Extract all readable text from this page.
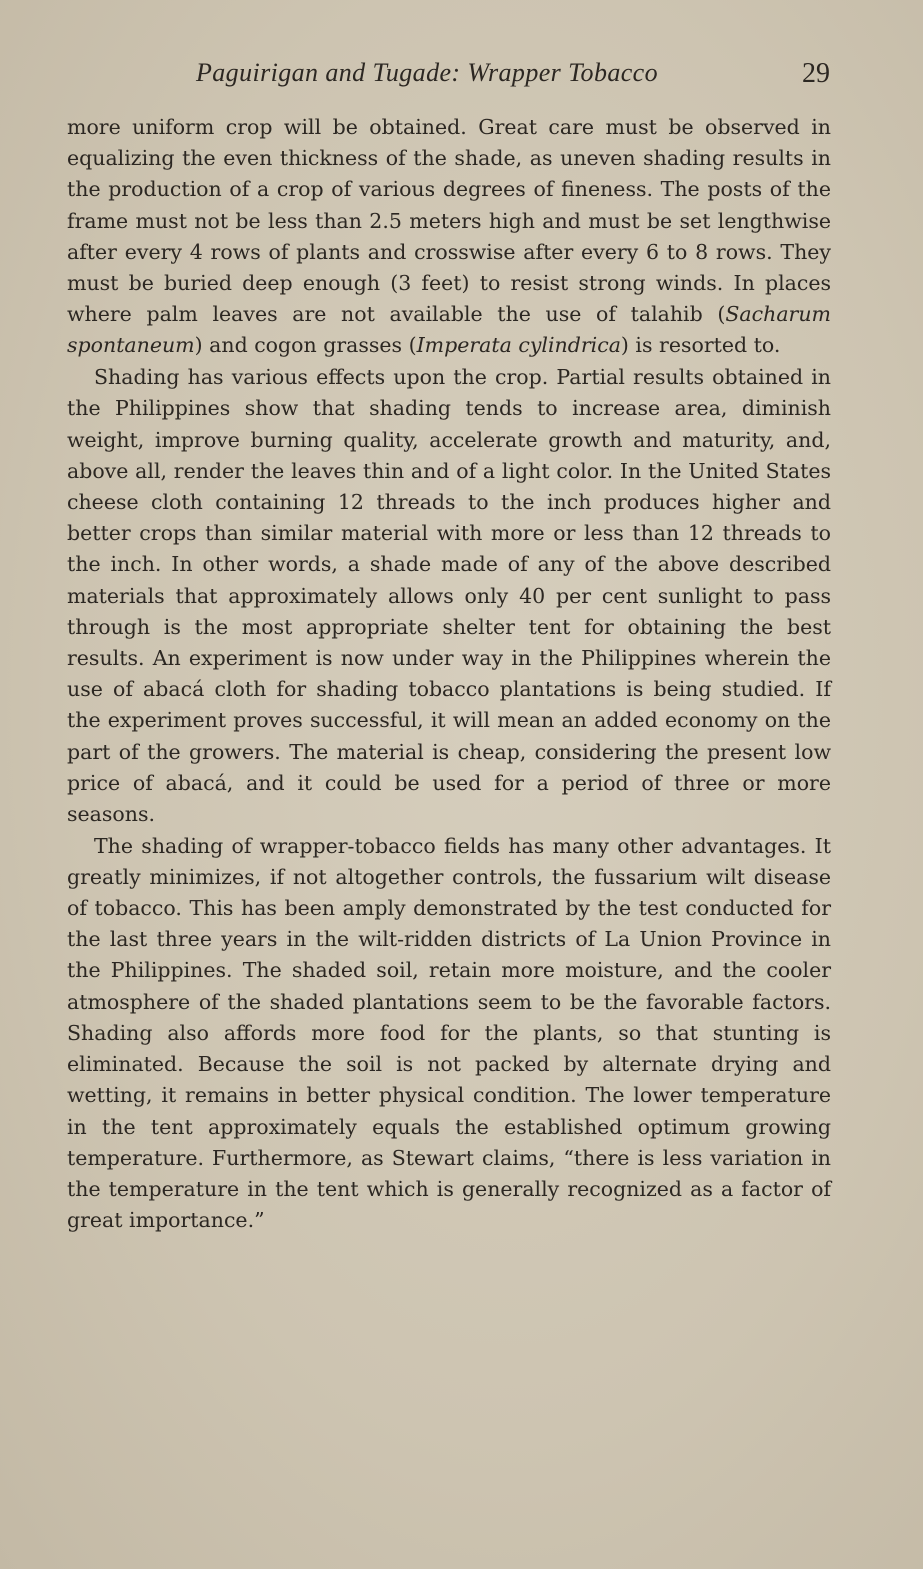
Paguirigan and Tugade: Wrapper Tobacco	29

more uniform crop will be obtained. Great care must be observed in equalizing the even thickness of the shade, as uneven shading results in the production of a crop of various degrees of fineness. The posts of the frame must not be less than 2.5 meters high and must be set lengthwise after every 4 rows of plants and crosswise after every 6 to 8 rows. They must be buried deep enough (3 feet) to resist strong winds. In places where palm leaves are not available the use of talahib (Sacharum spontaneum) and cogon grasses (Imperata cylindrica) is resorted to.

Shading has various effects upon the crop. Partial results obtained in the Philippines show that shading tends to increase area, diminish weight, improve burning quality, accelerate growth and maturity, and, above all, render the leaves thin and of a light color. In the United States cheese cloth containing 12 threads to the inch produces higher and better crops than similar material with more or less than 12 threads to the inch. In other words, a shade made of any of the above described materials that approximately allows only 40 per cent sunlight to pass through is the most appropriate shelter tent for obtaining the best results. An experiment is now under way in the Philippines wherein the use of abacá cloth for shading tobacco plantations is being studied. If the experiment proves successful, it will mean an added economy on the part of the growers. The material is cheap, considering the present low price of abacá, and it could be used for a period of three or more seasons.

The shading of wrapper-tobacco fields has many other advantages. It greatly minimizes, if not altogether controls, the fussarium wilt disease of tobacco. This has been amply demonstrated by the test conducted for the last three years in the wilt-ridden districts of La Union Province in the Philippines. The shaded soil, retain more moisture, and the cooler atmosphere of the shaded plantations seem to be the favorable factors. Shading also affords more food for the plants, so that stunting is eliminated. Because the soil is not packed by alternate drying and wetting, it remains in better physical condition. The lower temperature in the tent approximately equals the established optimum growing temperature. Furthermore, as Stewart claims, “there is less variation in the temperature in the tent which is generally recognized as a factor of great importance.”
